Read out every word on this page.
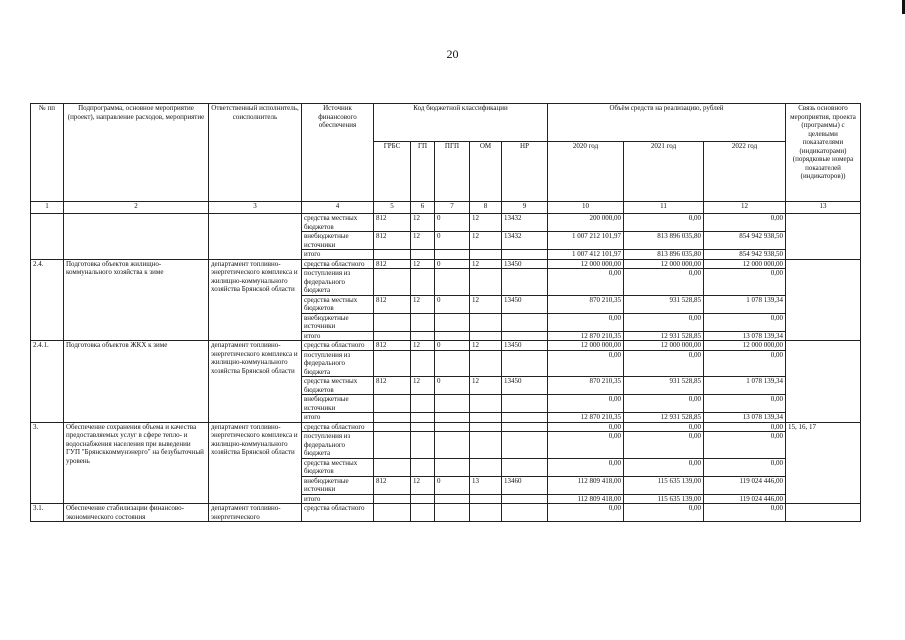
20
№ пп	Подпрограмма, основное мероприятие (проект), направление расходов, мероприятие	Ответственный исполнитель, соисполнитель	Источник финансового обеспечения	Код бюджетной классификации					Объём средств на реализацию, рублей			Связь основного мероприятия, проекта (программы) с целевыми показателями (индикаторами) (порядковые номера показателей (индикаторов))
				ГРБС	ГП	ПГП	ОМ	НР	2020 год	2021 год	2022 год	
1	2	3	4	5	6	7	8	9	10	11	12	13
			средства местных бюджетов	812	12	0	12	13432	200 000,00	0,00	0,00	
			внебюджетные источники	812	12	0	12	13432	1 007 212 101,97	813 896 035,80	854 942 938,50	
			итого						1 007 412 101,97	813 896 035,80	854 942 938,50	
2.4.	Подготовка объектов жилищно-коммунального хозяйства к зиме	департамент топливно-энергетического комплекса и жилищно-коммунального хозяйства Брянской области	средства областного	812	12	0	12	13450	12 000 000,00	12 000 000,00	12 000 000,00	
			поступления из федерального бюджета						0,00	0,00	0,00	
			средства местных бюджетов	812	12	0	12	13450	870 210,35	931 528,85	1 078 139,34	
			внебюджетные источники						0,00	0,00	0,00	
			итого						12 870 210,35	12 931 528,85	13 078 139,34	
2.4.1.	Подготовка объектов ЖКХ к зиме	департамент топливно-энергетического комплекса и жилищно-коммунального хозяйства Брянской области	средства областного	812	12	0	12	13450	12 000 000,00	12 000 000,00	12 000 000,00	
			поступления из федерального бюджета						0,00	0,00	0,00	
			средства местных бюджетов	812	12	0	12	13450	870 210,35	931 528,85	1 078 139,34	
			внебюджетные источники						0,00	0,00	0,00	
			итого						12 870 210,35	12 931 528,85	13 078 139,34	
3.	Обеспечение сохранения объема и качества предоставляемых услуг в сфере тепло- и водоснабжения населения при выведении ГУП "Брянсккоммунэнерго" на безубыточный уровень	департамент топливно-энергетического комплекса и жилищно-коммунального хозяйства Брянской области	средства областного						0,00	0,00	0,00	15, 16, 17
			поступления из федерального бюджета						0,00	0,00	0,00	
			средства местных бюджетов						0,00	0,00	0,00	
			внебюджетные источники	812	12	0	13	13460	112 809 418,00	115 635 139,00	119 024 446,00	
			итого						112 809 418,00	115 635 139,00	119 024 446,00	
3.1.	Обеспечение стабилизации финансово-экономического состояния	департамент топливно-энергетического	средства областного						0,00	0,00	0,00	
